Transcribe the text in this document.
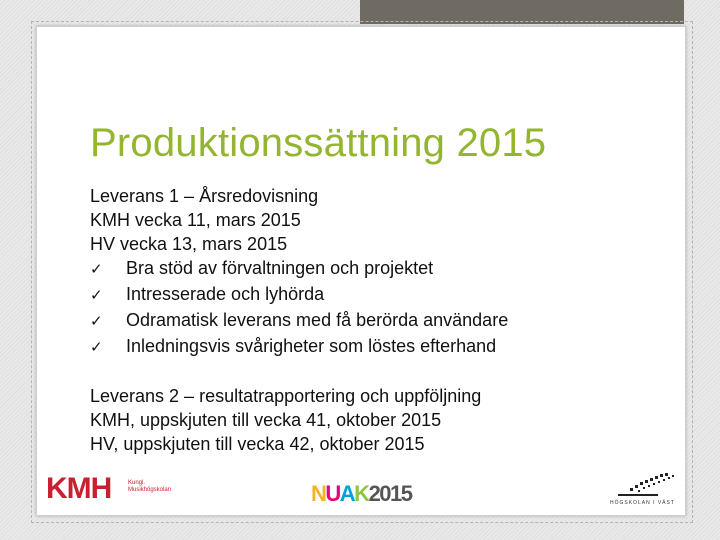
Produktionssättning 2015
Leverans 1 – Årsredovisning
KMH vecka 11, mars 2015
HV vecka 13, mars 2015
✓ Bra stöd av förvaltningen och projektet
✓ Intresserade och lyhörda
✓ Odramatisk leverans med få berörda användare
✓ Inledningsvis svårigheter som löstes efterhand
Leverans 2 – resultatrapportering och uppföljning
KMH, uppskjuten till vecka 41, oktober 2015
HV, uppskjuten till vecka 42, oktober 2015
KMH	Kungl. Musikhögskolan	NUAK2015	HÖGSKOLAN I VÄST
